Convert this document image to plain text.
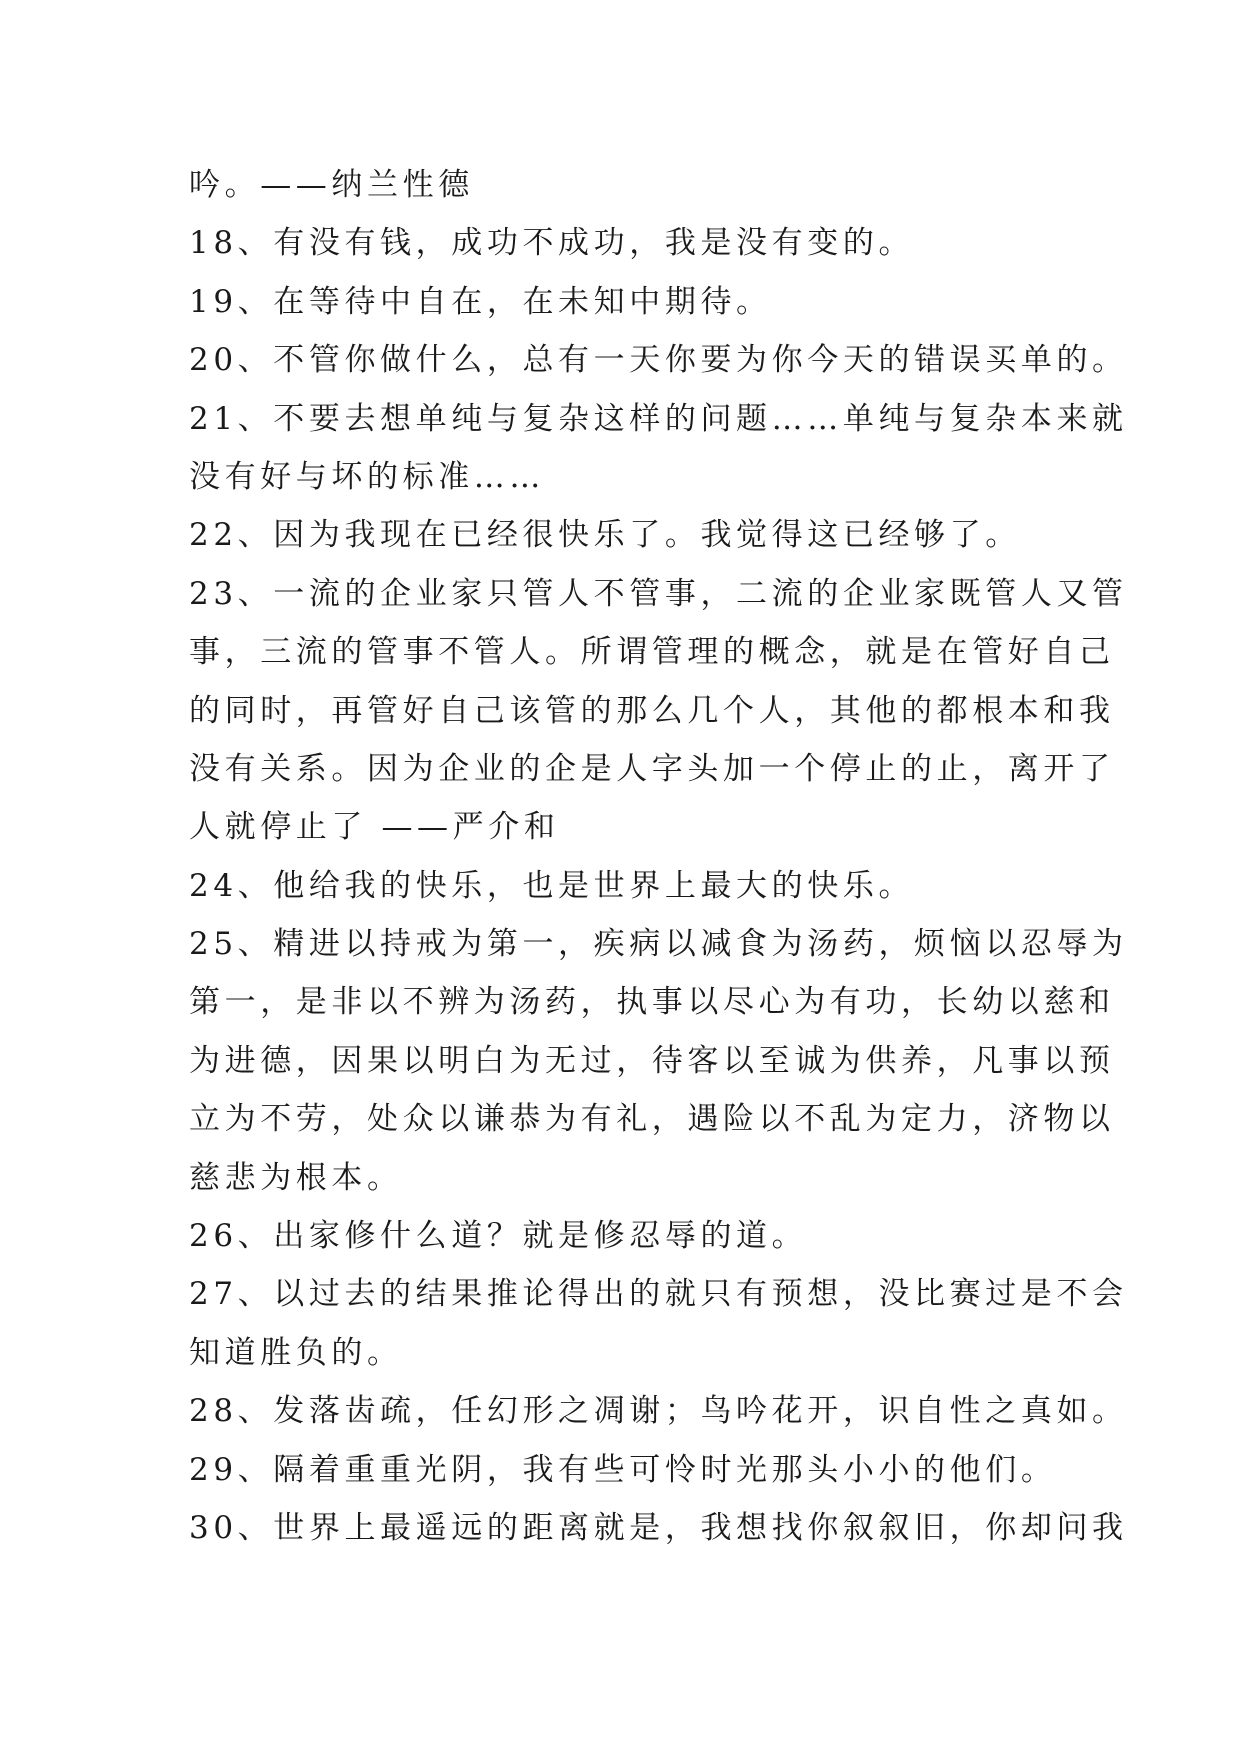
吟。——纳兰性德
18、有没有钱，成功不成功，我是没有变的。
19、在等待中自在，在未知中期待。
20、不管你做什么，总有一天你要为你今天的错误买单的。
21、不要去想单纯与复杂这样的问题……单纯与复杂本来就
没有好与坏的标准……
22、因为我现在已经很快乐了。我觉得这已经够了。
23、一流的企业家只管人不管事，二流的企业家既管人又管
事，三流的管事不管人。所谓管理的概念，就是在管好自己
的同时，再管好自己该管的那么几个人，其他的都根本和我
没有关系。因为企业的企是人字头加一个停止的止，离开了
人就停止了 ——严介和
24、他给我的快乐，也是世界上最大的快乐。
25、精进以持戒为第一，疾病以减食为汤药，烦恼以忍辱为
第一，是非以不辨为汤药，执事以尽心为有功，长幼以慈和
为进德，因果以明白为无过，待客以至诚为供养，凡事以预
立为不劳，处众以谦恭为有礼，遇险以不乱为定力，济物以
慈悲为根本。
26、出家修什么道？就是修忍辱的道。
27、以过去的结果推论得出的就只有预想，没比赛过是不会
知道胜负的。
28、发落齿疏，任幻形之凋谢；鸟吟花开，识自性之真如。
29、隔着重重光阴，我有些可怜时光那头小小的他们。
30、世界上最遥远的距离就是，我想找你叙叙旧，你却问我
